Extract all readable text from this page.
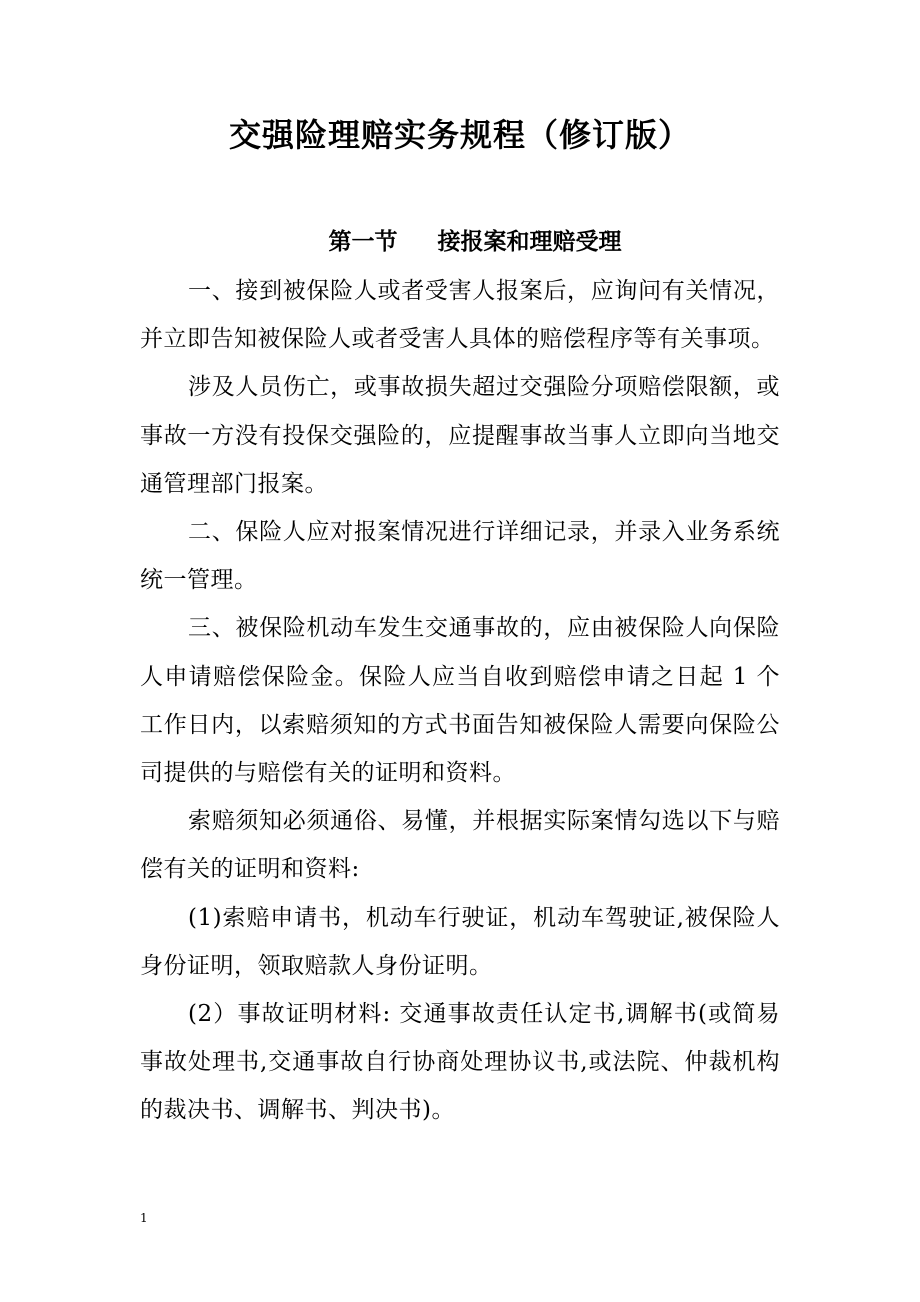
交强险理赔实务规程（修订版）
第一节 接报案和理赔受理

一、接到被保险人或者受害人报案后，应询问有关情况，并立即告知被保险人或者受害人具体的赔偿程序等有关事项。

涉及人员伤亡，或事故损失超过交强险分项赔偿限额，或事故一方没有投保交强险的，应提醒事故当事人立即向当地交通管理部门报案。

二、保险人应对报案情况进行详细记录，并录入业务系统统一管理。

三、被保险机动车发生交通事故的，应由被保险人向保险人申请赔偿保险金。保险人应当自收到赔偿申请之日起 1 个工作日内，以索赔须知的方式书面告知被保险人需要向保险公司提供的与赔偿有关的证明和资料。

索赔须知必须通俗、易懂，并根据实际案情勾选以下与赔偿有关的证明和资料:

(1)索赔申请书，机动车行驶证，机动车驾驶证,被保险人身份证明，领取赔款人身份证明。

(2）事故证明材料: 交通事故责任认定书,调解书(或简易事故处理书,交通事故自行协商处理协议书,或法院、仲裁机构的裁决书、调解书、判决书)。

1
